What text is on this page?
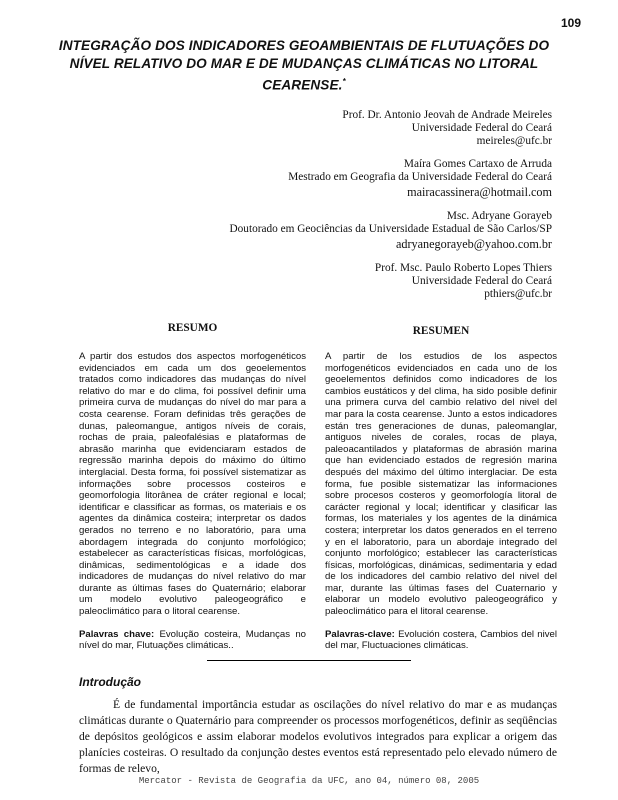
109
INTEGRAÇÃO DOS INDICADORES GEOAMBIENTAIS DE FLUTUAÇÕES DO NÍVEL RELATIVO DO MAR E DE MUDANÇAS CLIMÁTICAS NO LITORAL CEARENSE.*
Prof. Dr. Antonio Jeovah de Andrade Meireles
Universidade Federal do Ceará
meireles@ufc.br
Maíra Gomes Cartaxo de Arruda
Mestrado em Geografia da Universidade Federal do Ceará
mairacassinera@hotmail.com
Msc. Adryane Gorayeb
Doutorado em Geociências da Universidade Estadual de São Carlos/SP
adryanegorayeb@yahoo.com.br
Prof. Msc. Paulo Roberto Lopes Thiers
Universidade Federal do Ceará
pthiers@ufc.br
RESUMO	RESUMEN
A partir dos estudos dos aspectos morfogenéticos evidenciados em cada um dos geoelementos tratados como indicadores das mudanças do nível relativo do mar e do clima, foi possível definir uma primeira curva de mudanças do nível do mar para a costa cearense. Foram definidas três gerações de dunas, paleomangue, antigos níveis de corais, rochas de praia, paleofalésias e plataformas de abrasão marinha que evidenciaram estados de regressão marinha depois do máximo do último interglacial. Desta forma, foi possível sistematizar as informações sobre processos costeiros e geomorfologia litorânea de cráter regional e local; identificar e classificar as formas, os materiais e os agentes da dinâmica costeira; interpretar os dados gerados no terreno e no laboratório, para uma abordagem integrada do conjunto morfológico; estabelecer as características físicas, morfológicas, dinâmicas, sedimentológicas e a idade dos indicadores de mudanças do nível relativo do mar durante as últimas fases do Quaternário; elaborar um modelo evolutivo paleogeográfico e paleoclimático para o litoral cearense.
Palavras chave: Evolução costeira, Mudanças no nível do mar, Flutuações climáticas..
A partir de los estudios de los aspectos morfogenéticos evidenciados en cada uno de los geoelementos definidos como indicadores de los cambios eustáticos y del clima, ha sido posible definir una primera curva del cambio relativo del nivel del mar para la costa cearense. Junto a estos indicadores están tres generaciones de dunas, paleomanglar, antiguos niveles de corales, rocas de playa, paleoacantilados y plataformas de abrasión marina que han evidenciado estados de regresión marina después del máximo del último interglaciar. De esta forma, fue posible sistematizar las informaciones sobre procesos costeros y geomorfología litoral de carácter regional y local; identificar y clasificar las formas, los materiales y los agentes de la dinámica costera; interpretar los datos generados en el terreno y en el laboratorio, para un abordaje integrado del conjunto morfológico; establecer las características físicas, morfológicas, dinámicas, sedimentaria y edad de los indicadores del cambio relativo del nivel del mar, durante las últimas fases del Cuaternario y elaborar un modelo evolutivo paleogeográfico y paleoclimático para el litoral cearense.
Palavras-clave: Evolución costera, Cambios del nivel del mar, Fluctuaciones climáticas.
Introdução
É de fundamental importância estudar as oscilações do nível relativo do mar e as mudanças climáticas durante o Quaternário para compreender os processos morfogenéticos, definir as seqüências de depósitos geológicos e assim elaborar modelos evolutivos integrados para explicar a origem das planícies costeiras. O resultado da conjunção destes eventos está representado pelo elevado número de formas de relevo,
Mercator - Revista de Geografia da UFC, ano 04, número 08, 2005
